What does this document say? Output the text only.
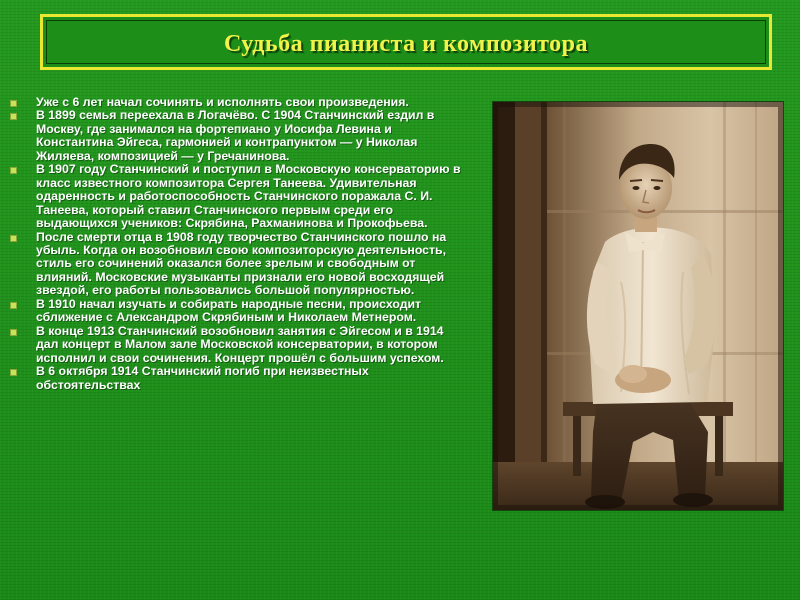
Судьба пианиста и композитора
Уже с 6 лет начал сочинять и исполнять свои произведения.
В 1899 семья переехала в Логачёво. С 1904 Станчинский ездил в Москву, где занимался на фортепиано у Иосифа Левина и Константина Эйгеса, гармонией и контрапунктом — у Николая Жиляева, композицией — у Гречанинова.
В 1907 году Станчинский и поступил в Московскую консерваторию в класс известного композитора Сергея Танеева. Удивительная одаренность и работоспособность Станчинского поражала С. И. Танеева, который ставил Станчинского первым среди его выдающихся учеников: Скрябина, Рахманинова и Прокофьева.
После смерти отца в 1908 году творчество Станчинского пошло на убыль. Когда он возобновил свою композиторскую деятельность, стиль его сочинений оказался более зрелым и свободным от влияний. Московские музыканты признали его новой восходящей звездой, его работы пользовались большой популярностью.
В 1910 начал изучать и собирать народные песни, происходит сближение с Александром Скрябиным и Николаем Метнером.
В конце 1913 Станчинский возобновил занятия с Эйгесом и в 1914 дал концерт в Малом зале Московской консерватории, в котором исполнил и свои сочинения. Концерт прошёл с большим успехом.
В 6 октября 1914 Станчинский погиб при неизвестных обстоятельствах
